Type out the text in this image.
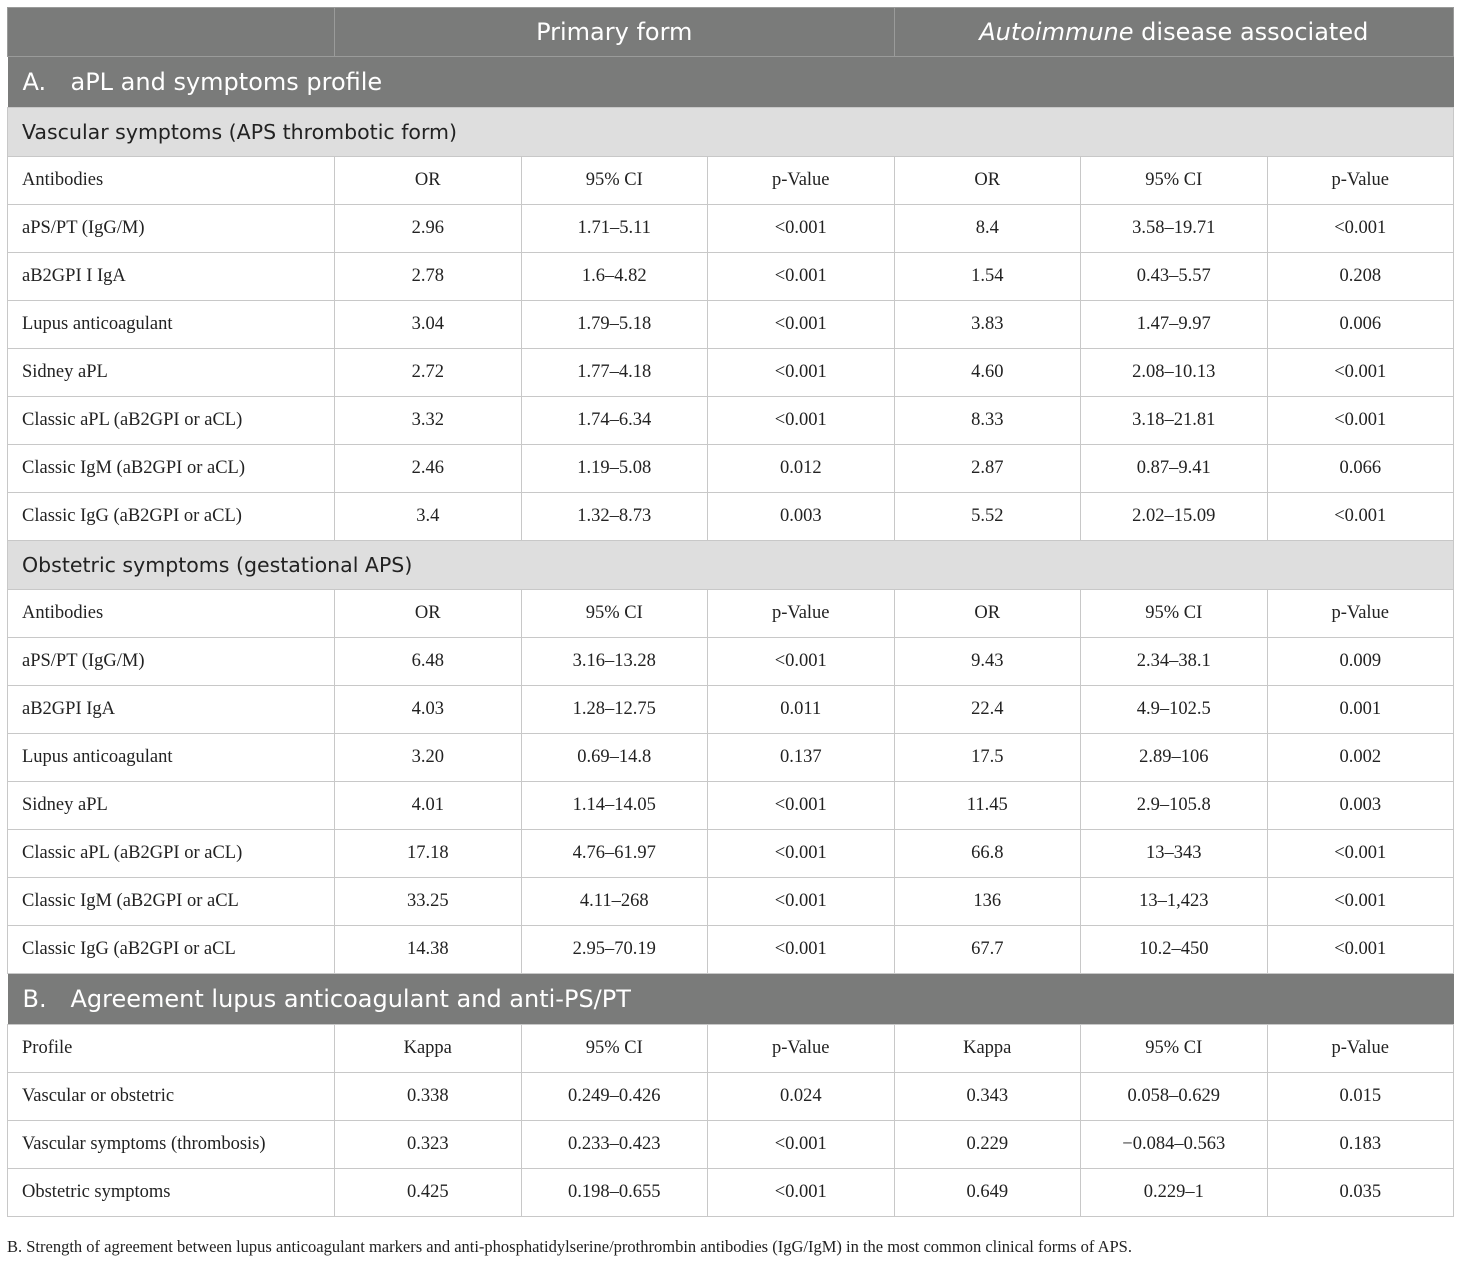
	Primary form			Autoimmune disease associated		
A. aPL and symptoms profile						
Vascular symptoms (APS thrombotic form)						
Antibodies	OR	95% CI	p-Value	OR	95% CI	p-Value
aPS/PT (IgG/M)	2.96	1.71–5.11	<0.001	8.4	3.58–19.71	<0.001
aB2GPI I IgA	2.78	1.6–4.82	<0.001	1.54	0.43–5.57	0.208
Lupus anticoagulant	3.04	1.79–5.18	<0.001	3.83	1.47–9.97	0.006
Sidney aPL	2.72	1.77–4.18	<0.001	4.60	2.08–10.13	<0.001
Classic aPL (aB2GPI or aCL)	3.32	1.74–6.34	<0.001	8.33	3.18–21.81	<0.001
Classic IgM (aB2GPI or aCL)	2.46	1.19–5.08	0.012	2.87	0.87–9.41	0.066
Classic IgG (aB2GPI or aCL)	3.4	1.32–8.73	0.003	5.52	2.02–15.09	<0.001
Obstetric symptoms (gestational APS)						
Antibodies	OR	95% CI	p-Value	OR	95% CI	p-Value
aPS/PT (IgG/M)	6.48	3.16–13.28	<0.001	9.43	2.34–38.1	0.009
aB2GPI IgA	4.03	1.28–12.75	0.011	22.4	4.9–102.5	0.001
Lupus anticoagulant	3.20	0.69–14.8	0.137	17.5	2.89–106	0.002
Sidney aPL	4.01	1.14–14.05	<0.001	11.45	2.9–105.8	0.003
Classic aPL (aB2GPI or aCL)	17.18	4.76–61.97	<0.001	66.8	13–343	<0.001
Classic IgM (aB2GPI or aCL	33.25	4.11–268	<0.001	136	13–1,423	<0.001
Classic IgG (aB2GPI or aCL	14.38	2.95–70.19	<0.001	67.7	10.2–450	<0.001
B. Agreement lupus anticoagulant and anti-PS/PT						
Profile	Kappa	95% CI	p-Value	Kappa	95% CI	p-Value
Vascular or obstetric	0.338	0.249–0.426	0.024	0.343	0.058–0.629	0.015
Vascular symptoms (thrombosis)	0.323	0.233–0.423	<0.001	0.229	−0.084–0.563	0.183
Obstetric symptoms	0.425	0.198–0.655	<0.001	0.649	0.229–1	0.035
B. Strength of agreement between lupus anticoagulant markers and anti-phosphatidylserine/prothrombin antibodies (IgG/IgM) in the most common clinical forms of APS.
